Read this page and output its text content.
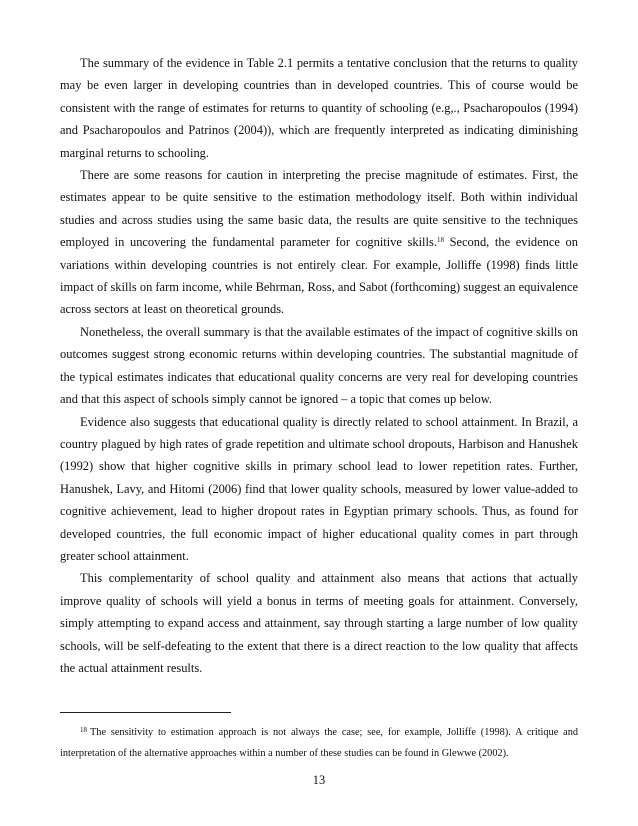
The summary of the evidence in Table 2.1 permits a tentative conclusion that the returns to quality may be even larger in developing countries than in developed countries. This of course would be consistent with the range of estimates for returns to quantity of schooling (e.g,., Psacharopoulos (1994) and Psacharopoulos and Patrinos (2004)), which are frequently interpreted as indicating diminishing marginal returns to schooling.

There are some reasons for caution in interpreting the precise magnitude of estimates. First, the estimates appear to be quite sensitive to the estimation methodology itself. Both within individual studies and across studies using the same basic data, the results are quite sensitive to the techniques employed in uncovering the fundamental parameter for cognitive skills.$^{18}$ Second, the evidence on variations within developing countries is not entirely clear. For example, Jolliffe (1998) finds little impact of skills on farm income, while Behrman, Ross, and Sabot (forthcoming) suggest an equivalence across sectors at least on theoretical grounds.

Nonetheless, the overall summary is that the available estimates of the impact of cognitive skills on outcomes suggest strong economic returns within developing countries. The substantial magnitude of the typical estimates indicates that educational quality concerns are very real for developing countries and that this aspect of schools simply cannot be ignored – a topic that comes up below.

Evidence also suggests that educational quality is directly related to school attainment. In Brazil, a country plagued by high rates of grade repetition and ultimate school dropouts, Harbison and Hanushek (1992) show that higher cognitive skills in primary school lead to lower repetition rates. Further, Hanushek, Lavy, and Hitomi (2006) find that lower quality schools, measured by lower value-added to cognitive achievement, lead to higher dropout rates in Egyptian primary schools. Thus, as found for developed countries, the full economic impact of higher educational quality comes in part through greater school attainment.

This complementarity of school quality and attainment also means that actions that actually improve quality of schools will yield a bonus in terms of meeting goals for attainment. Conversely, simply attempting to expand access and attainment, say through starting a large number of low quality schools, will be self-defeating to the extent that there is a direct reaction to the low quality that affects the actual attainment results.

$^{18}$ The sensitivity to estimation approach is not always the case; see, for example, Jolliffe (1998). A critique and interpretation of the alternative approaches within a number of these studies can be found in Glewwe (2002).

13
